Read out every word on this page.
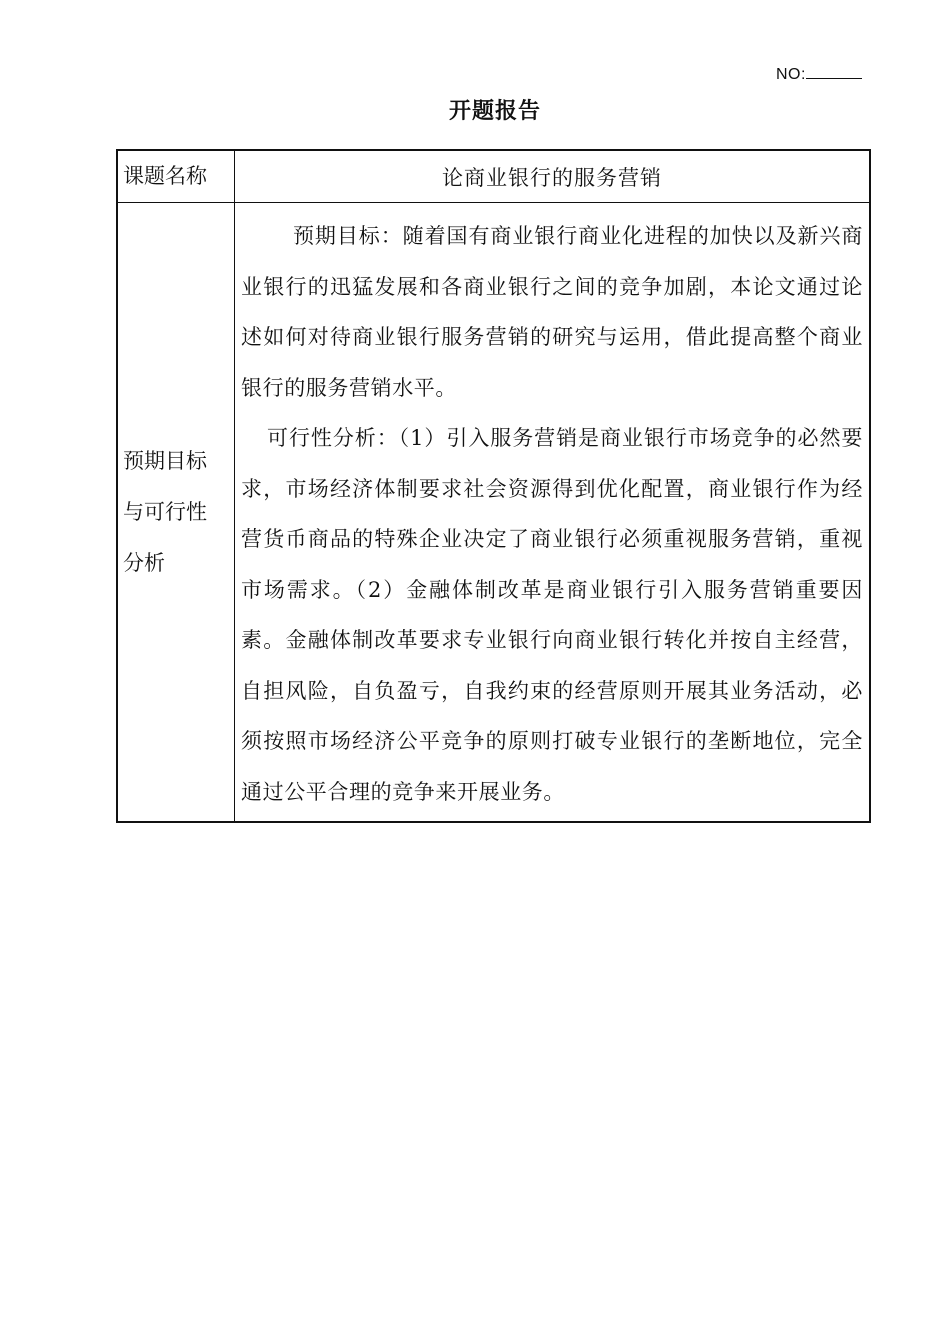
NO:
开题报告
课题名称	论商业银行的服务营销

预期目标与可行性分析	预期目标：随着国有商业银行商业化进程的加快以及新兴商业银行的迅猛发展和各商业银行之间的竞争加剧，本论文通过论述如何对待商业银行服务营销的研究与运用，借此提高整个商业银行的服务营销水平。

可行性分析：（1）引入服务营销是商业银行市场竞争的必然要求，市场经济体制要求社会资源得到优化配置，商业银行作为经营货币商品的特殊企业决定了商业银行必须重视服务营销，重视市场需求。（2）金融体制改革是商业银行引入服务营销重要因素。金融体制改革要求专业银行向商业银行转化并按自主经营，自担风险，自负盈亏，自我约束的经营原则开展其业务活动，必须按照市场经济公平竞争的原则打破专业银行的垄断地位，完全通过公平合理的竞争来开展业务。
